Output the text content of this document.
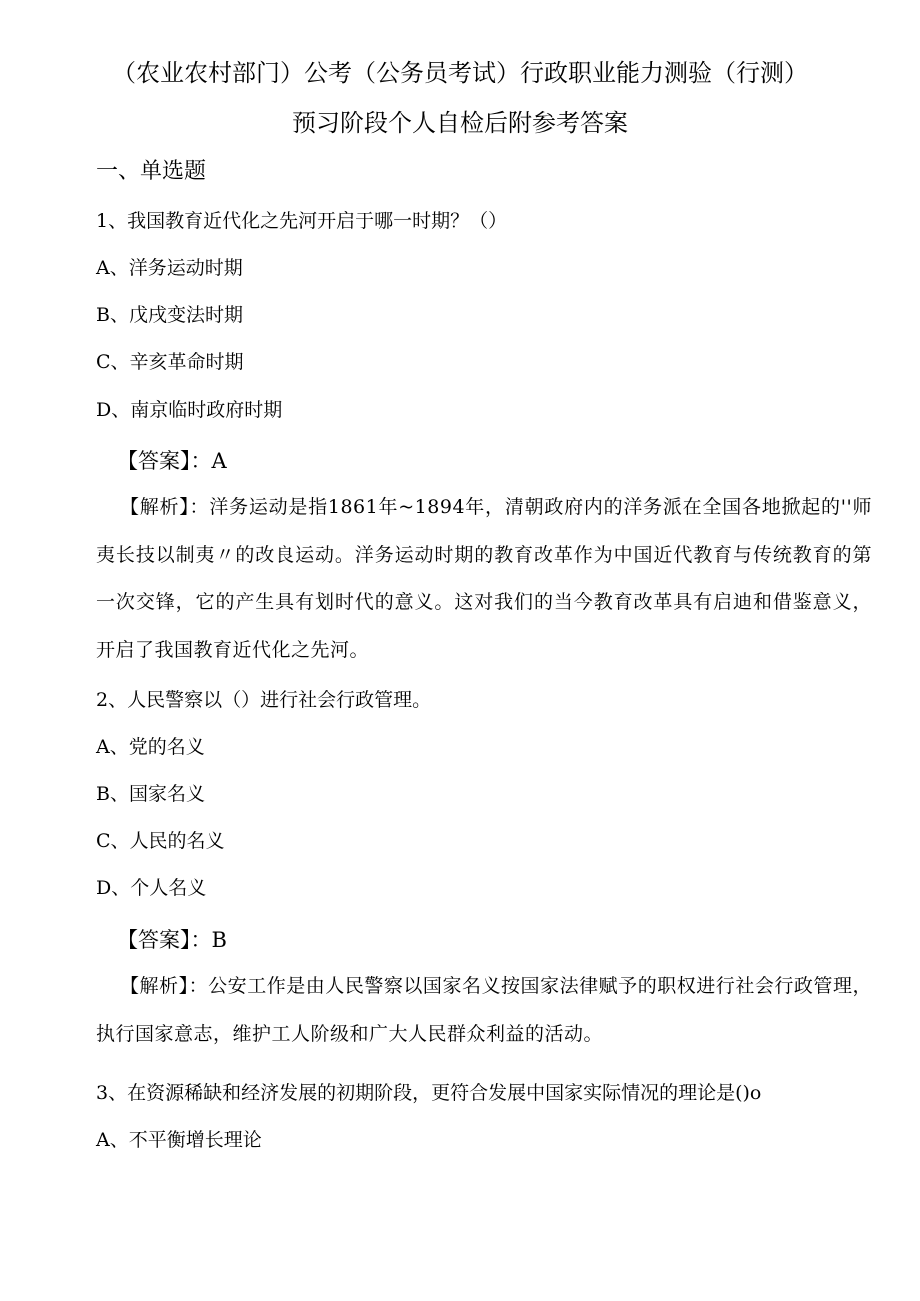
（农业农村部门）公考（公务员考试）行政职业能力测验（行测）
预习阶段个人自检后附参考答案
一、单选题
1、我国教育近代化之先河开启于哪一时期？（）
A、洋务运动时期
B、戊戌变法时期
C、辛亥革命时期
D、南京临时政府时期
【答案】：A
【解析】：洋务运动是指1861年~1894年，清朝政府内的洋务派在全国各地掀起的''师夷长技以制夷〃的改良运动。洋务运动时期的教育改革作为中国近代教育与传统教育的第一次交锋，它的产生具有划时代的意义。这对我们的当今教育改革具有启迪和借鉴意义，开启了我国教育近代化之先河。
2、人民警察以（）进行社会行政管理。
A、党的名义
B、国家名义
C、人民的名义
D、个人名义
【答案】：B
【解析】：公安工作是由人民警察以国家名义按国家法律赋予的职权进行社会行政管理，执行国家意志，维护工人阶级和广大人民群众利益的活动。
3、在资源稀缺和经济发展的初期阶段，更符合发展中国家实际情况的理论是()o
A、不平衡增长理论
